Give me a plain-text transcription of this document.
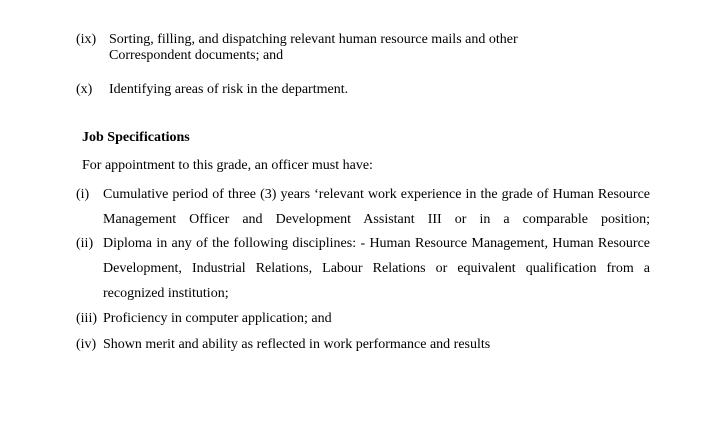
(ix) Sorting, filling, and dispatching relevant human resource mails and other
Correspondent documents; and
(x) Identifying areas of risk in the department.
Job Specifications
For appointment to this grade, an officer must have:
(i) Cumulative period of three (3) years ‘relevant work experience in the grade of Human Resource Management Officer and Development Assistant III or in a comparable position;
(ii) Diploma in any of the following disciplines: - Human Resource Management, Human Resource Development, Industrial Relations, Labour Relations or equivalent qualification from a recognized institution;
(iii) Proficiency in computer application; and
(iv) Shown merit and ability as reflected in work performance and results
